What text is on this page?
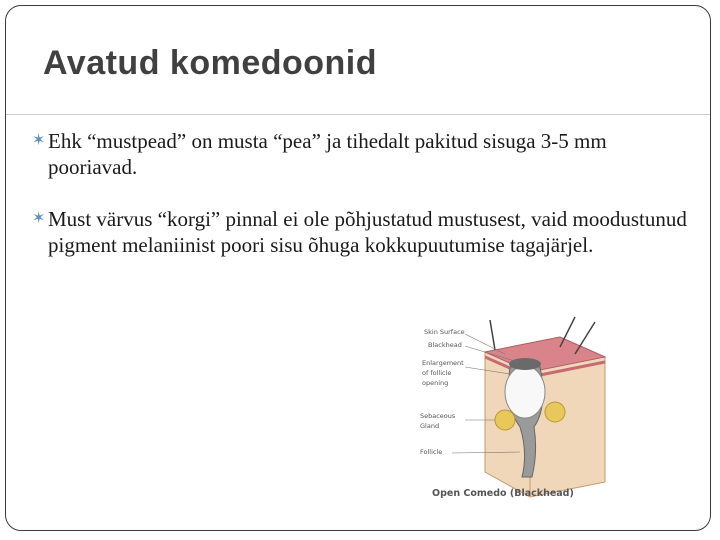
Avatud komedoonid
✶ Ehk “mustpead” on musta “pea” ja tihedalt pakitud sisuga 3-5 mm pooriavad.
✶ Must värvus “korgi” pinnal ei ole põhjustatud mustusest, vaid moodustunud pigment melaniinist poori sisu õhuga kokkupuutumise tagajärjel.
Skin Surface
Blackhead
Enlargement
of follicle
opening
Sebaceous
Gland
Follicle
Open Comedo (Blackhead)
